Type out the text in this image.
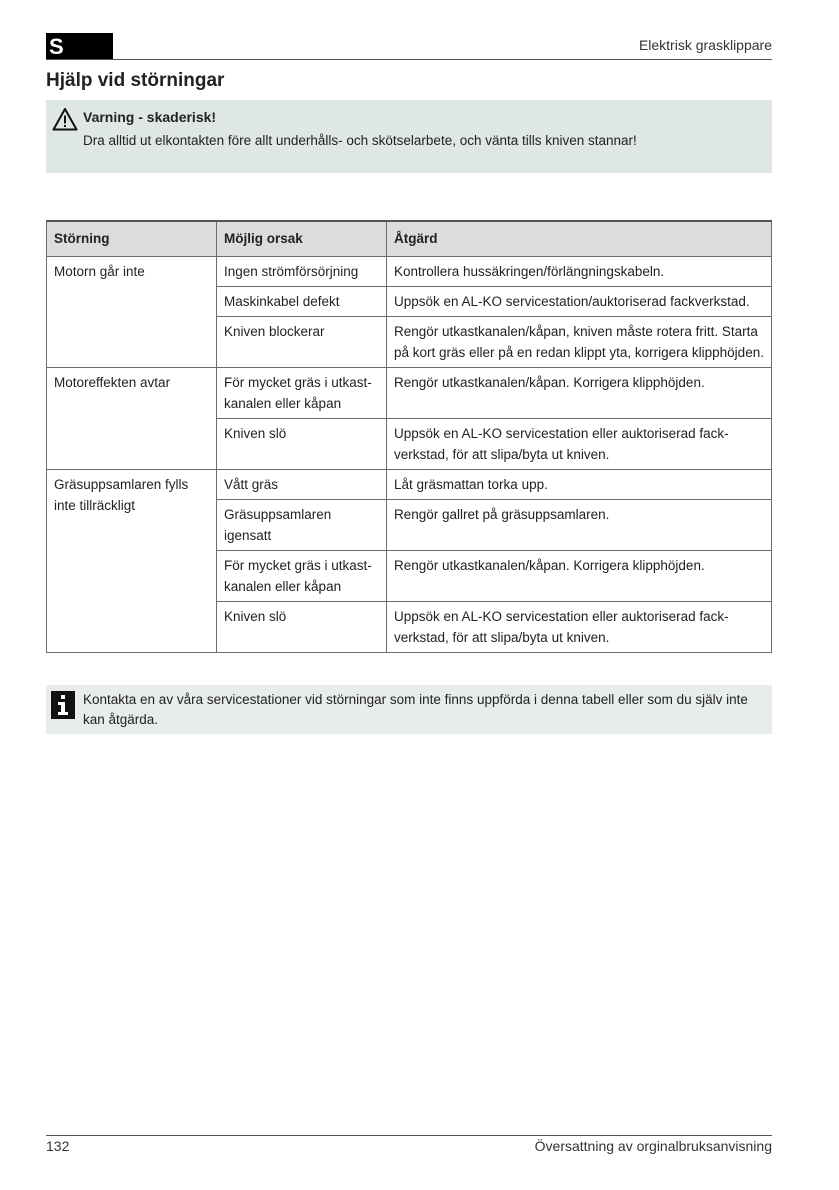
S	Elektrisk grasklippare
Hjälp vid störningar
Varning - skaderisk!
Dra alltid ut elkontakten före allt underhålls- och skötselarbete, och vänta tills kniven stannar!
Störning	Möjlig orsak	Åtgärd
Motorn går inte	Ingen strömförsörjning	Kontrollera hussäkringen/förlängningskabeln.
	Maskinkabel defekt	Uppsök en AL-KO servicestation/auktoriserad fackverkstad.
	Kniven blockerar	Rengör utkastkanalen/kåpan, kniven måste rotera fritt. Starta på kort gräs eller på en redan klippt yta, korrigera klipphöjden.
Motoreffekten avtar	För mycket gräs i utkast-kanalen eller kåpan	Rengör utkastkanalen/kåpan. Korrigera klipphöjden.
	Kniven slö	Uppsök en AL-KO servicestation eller auktoriserad fack-verkstad, för att slipa/byta ut kniven.
Gräsuppsamlaren fylls inte tillräckligt	Vått gräs	Låt gräsmattan torka upp.
	Gräsuppsamlaren igensatt	Rengör gallret på gräsuppsamlaren.
	För mycket gräs i utkast-kanalen eller kåpan	Rengör utkastkanalen/kåpan. Korrigera klipphöjden.
	Kniven slö	Uppsök en AL-KO servicestation eller auktoriserad fack-verkstad, för att slipa/byta ut kniven.
Kontakta en av våra servicestationer vid störningar som inte finns uppförda i denna tabell eller som du själv inte kan åtgärda.
132	Översattning av orginalbruksanvisning
